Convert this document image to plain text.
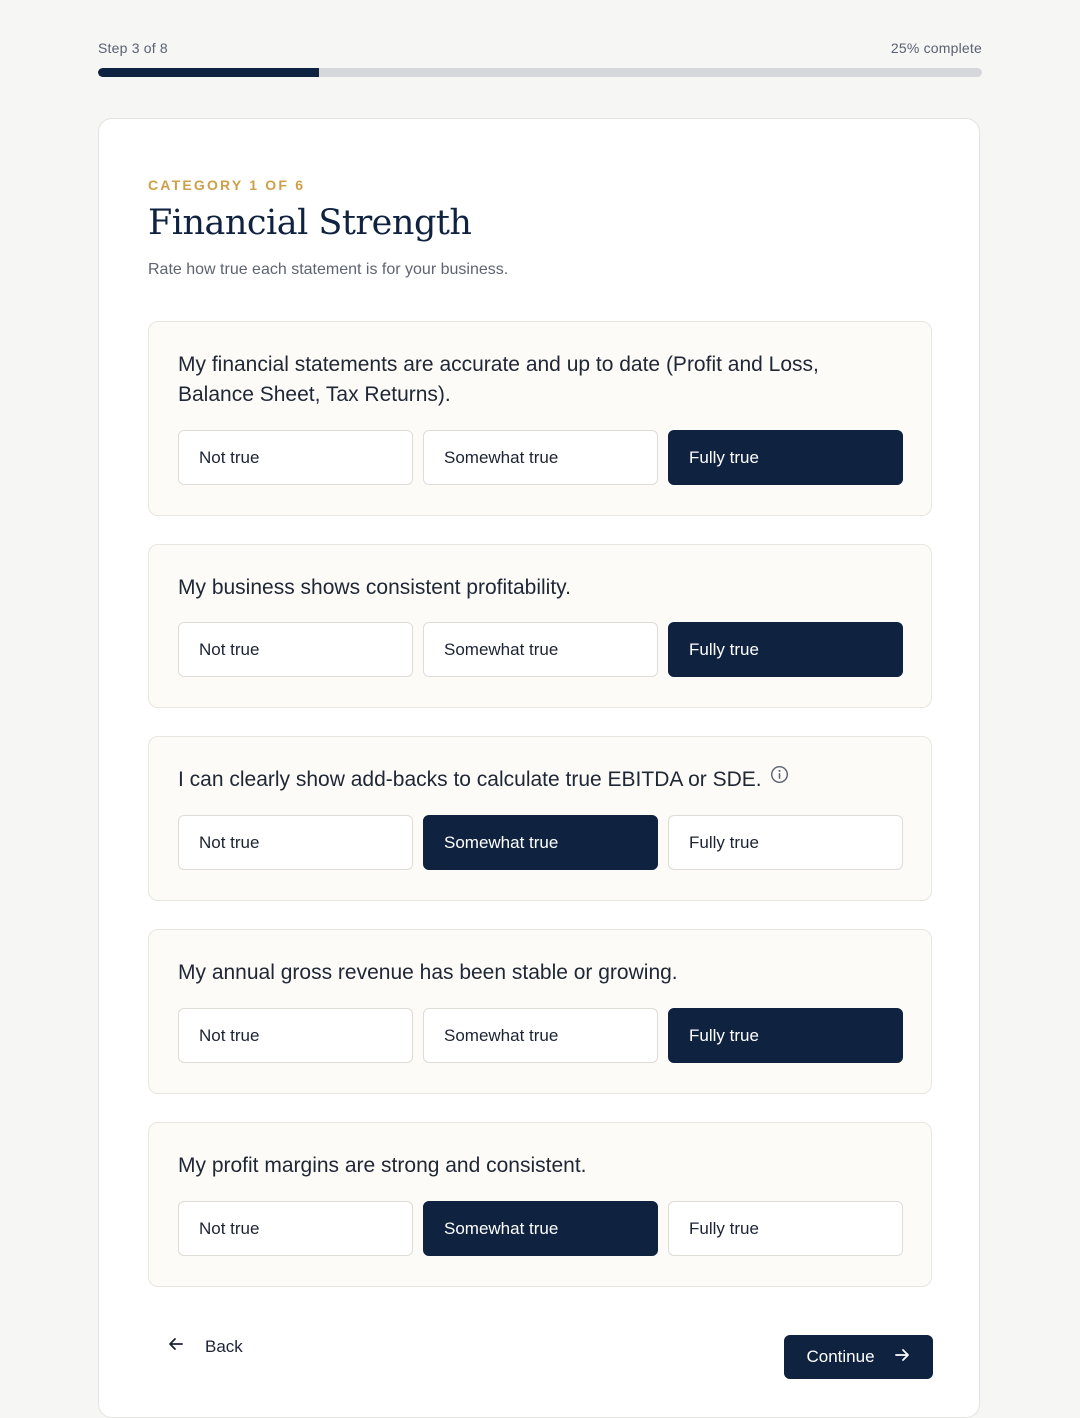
Step 3 of 8	25% complete
CATEGORY 1 OF 6
Financial Strength
Rate how true each statement is for your business.
My financial statements are accurate and up to date (Profit and Loss, Balance Sheet, Tax Returns).
Not true	Somewhat true	Fully true
My business shows consistent profitability.
Not true	Somewhat true	Fully true
I can clearly show add-backs to calculate true EBITDA or SDE.
Not true	Somewhat true	Fully true
My annual gross revenue has been stable or growing.
Not true	Somewhat true	Fully true
My profit margins are strong and consistent.
Not true	Somewhat true	Fully true
Back
Continue
